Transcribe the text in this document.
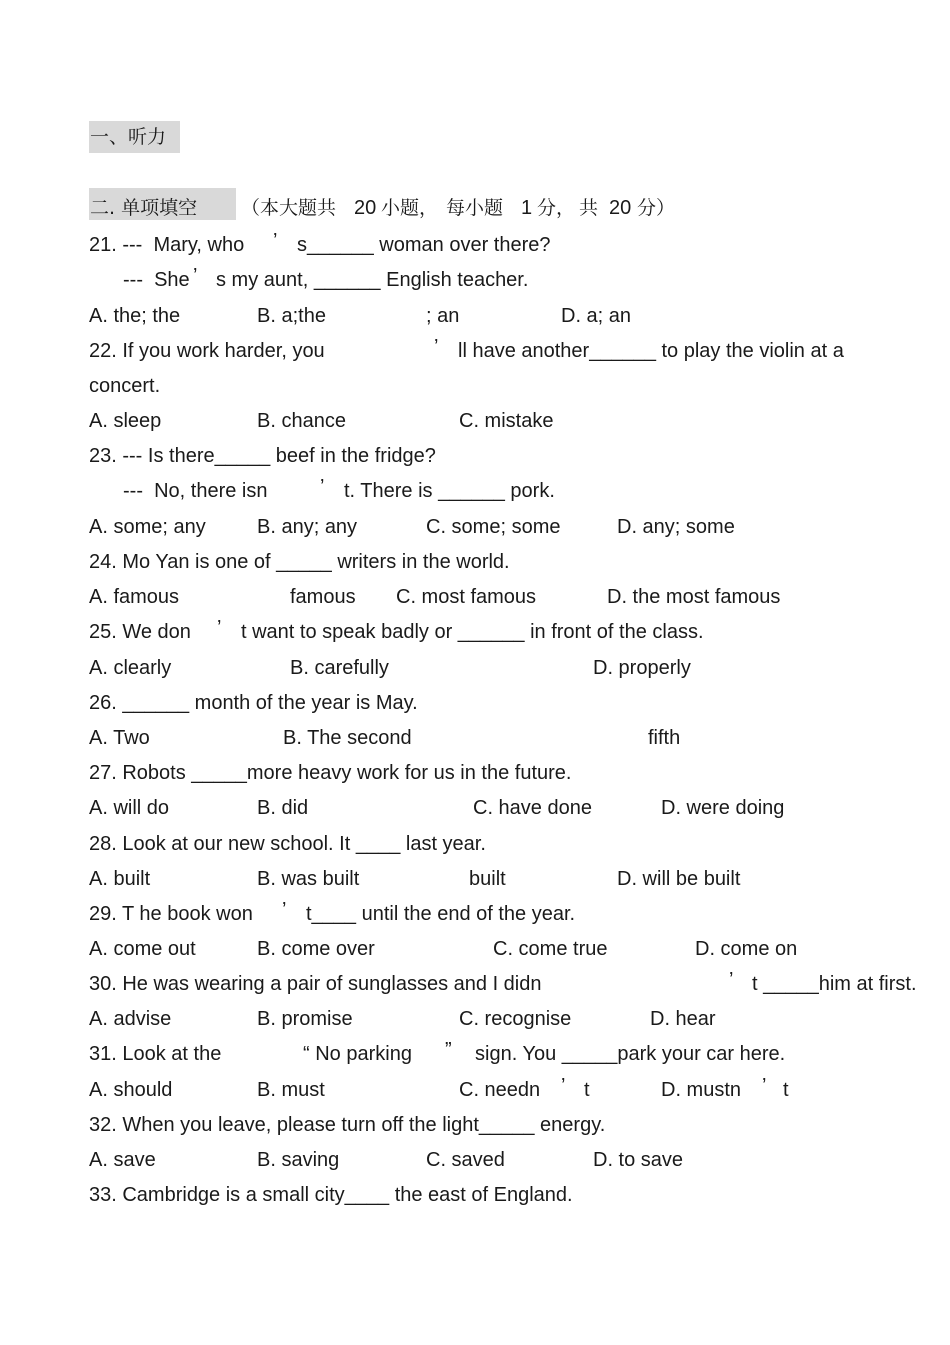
一、听力
二. 单项填空 （本大题共 20 小题， 每小题 1 分， 共 20 分）
21. ---  Mary, who ’ s______ woman over there?
---  She ’ s my aunt, ______ English teacher.
A. the; the	B. a;the	; an	D. a; an
22. If you work harder, you	’ ll have another______ to play the violin at a
concert.
A. sleep	B. chance	C. mistake
23. --- Is there_____ beef in the fridge?
---  No, there isn	’ t. There is ______ pork.
A. some; any	B. any; any	C. some; some	D. any; some
24. Mo Yan is one of _____ writers in the world.
A. famous	famous C. most famous	D. the most famous
25. We don ’ t want to speak badly or ______ in front of the class.
A. clearly	B. carefully	D. properly
26. ______ month of the year is May.
A. Two	B. The second	fifth
27. Robots _____more heavy work for us in the future.
A. will do	B. did	C. have done	D. were doing
28. Look at our new school. It ____ last year.
A. built	B. was built	built	D. will be built
29. T he book won ’ t____ until the end of the year.
A. come out	B. come over	C. come true	D. come on
30. He was wearing a pair of sunglasses and I didn	’ t _____him at first.
A. advise	B. promise	C. recognise	D. hear
31. Look at the	“ No parking ” sign. You _____park your car here.
A. should	B. must	C. needn ’ t	D. mustn ’ t
32. When you leave, please turn off the light_____ energy.
A. save	B. saving	C. saved	D. to save
33. Cambridge is a small city____ the east of England.
